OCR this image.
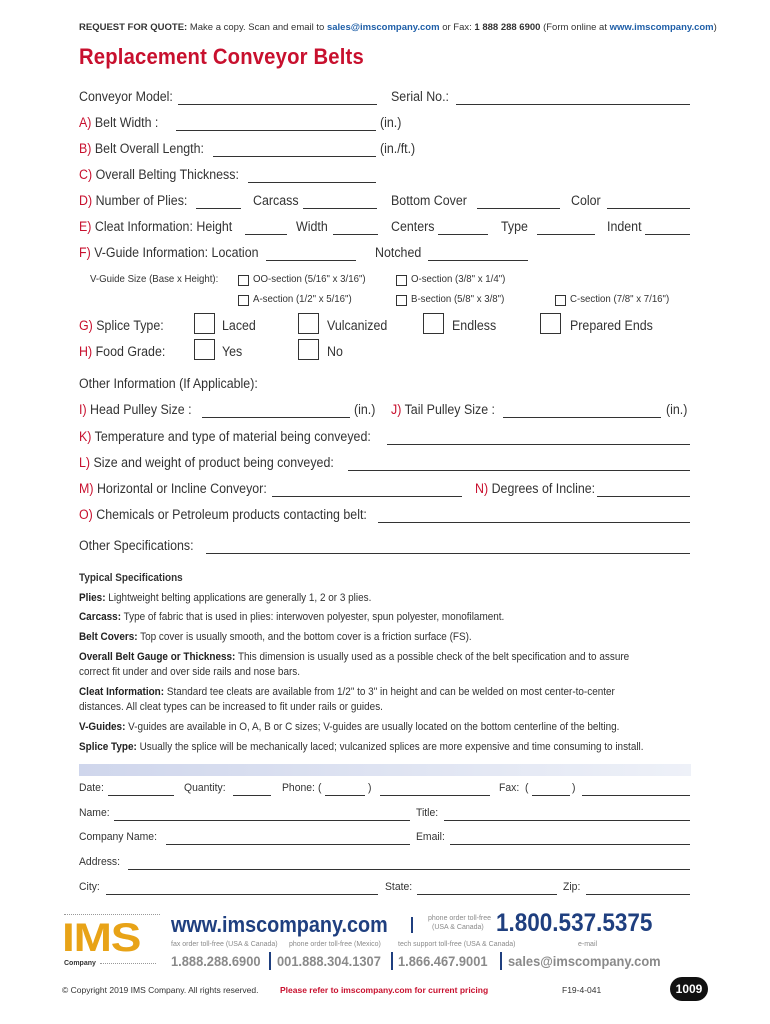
REQUEST FOR QUOTE: Make a copy. Scan and email to sales@imscompany.com or Fax: 1 888 288 6900 (Form online at www.imscompany.com)
Replacement Conveyor Belts
Conveyor Model:	Serial No.:
A) Belt Width :	(in.)
B) Belt Overall Length:	(in./ft.)
C) Overall Belting Thickness:
D) Number of Plies:	Carcass	Bottom Cover	Color
E) Cleat Information: Height	Width	Centers	Type	Indent
F) V-Guide Information: Location	Notched
V-Guide Size (Base x Height):	OO-section (5/16" x 3/16")	O-section (3/8" x 1/4")
A-section (1/2" x 5/16")	B-section (5/8" x 3/8")	C-section (7/8" x 7/16")
G) Splice Type:	Laced	Vulcanized	Endless	Prepared Ends
H) Food Grade:	Yes	No
Other Information (If Applicable):
I) Head Pulley Size :	(in.) J) Tail Pulley Size :	(in.)
K) Temperature and type of material being conveyed:
L) Size and weight of product being conveyed:
M) Horizontal or Incline Conveyor:	N) Degrees of Incline:
O) Chemicals or Petroleum products contacting belt:
Other Specifications:
Typical Specifications
Plies: Lightweight belting applications are generally 1, 2 or 3 plies.
Carcass: Type of fabric that is used in plies: interwoven polyester, spun polyester, monofilament.
Belt Covers: Top cover is usually smooth, and the bottom cover is a friction surface (FS).
Overall Belt Gauge or Thickness: This dimension is usually used as a possible check of the belt specification and to assure
correct fit under and over side rails and nose bars.
Cleat Information: Standard tee cleats are available from 1/2" to 3" in height and can be welded on most center-to-center
distances. All cleat types can be increased to fit under rails or guides.
V-Guides: V-guides are available in O, A, B or C sizes; V-guides are usually located on the bottom centerline of the belting.
Splice Type: Usually the splice will be mechanically laced; vulcanized splices are more expensive and time consuming to install.
Date:	Quantity:	Phone: (	)	Fax: (	)
Name:	Title:
Company Name:	Email:
Address:
City:	State:	Zip:
IMS
Company
www.imscompany.com	phone order toll-free
(USA & Canada) 1.800.537.5375
fax order toll-free (USA & Canada) phone order toll-free (Mexico) tech support toll-free (USA & Canada)	e-mail
1.888.288.6900 001.888.304.1307 1.866.467.9001 sales@imscompany.com
© Copyright 2019 IMS Company. All rights reserved.	Please refer to imscompany.com for current pricing	F19-4-041	1009
